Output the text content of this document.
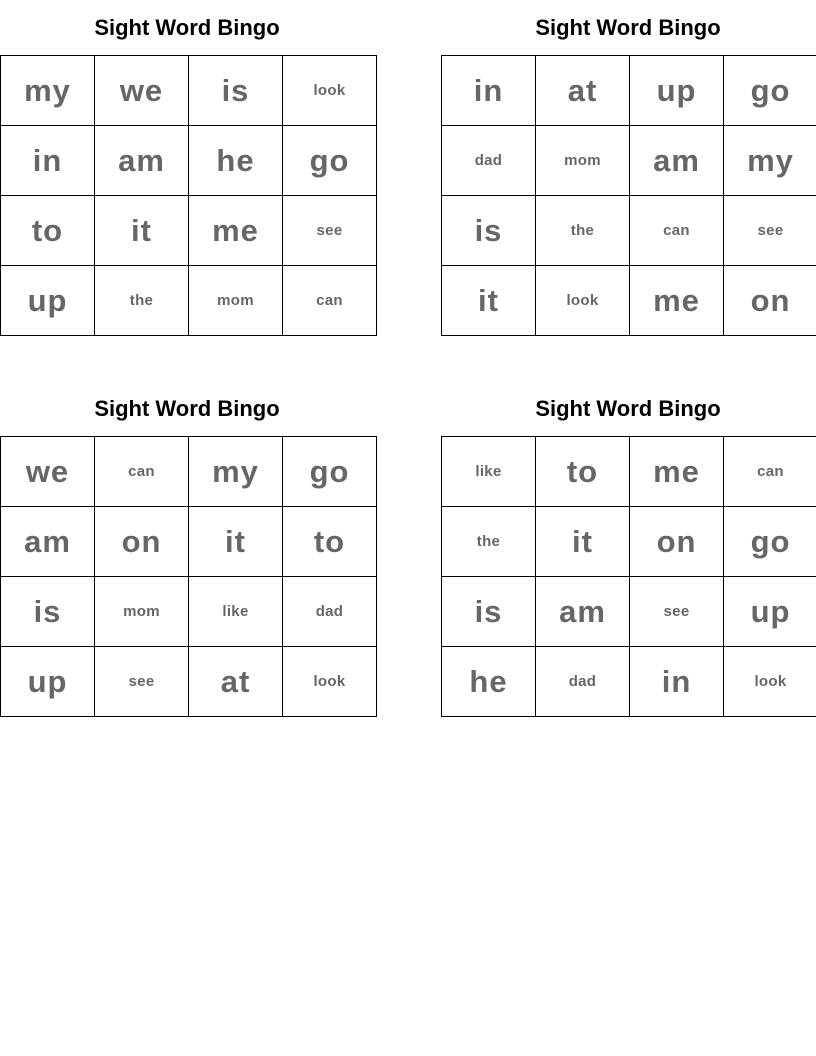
Sight Word Bingo
my	we	is	look
in	am	he	go
to	it	me	see
up	the	mom	can
Sight Word Bingo
in	at	up	go
dad	mom	am	my
is	the	can	see
it	look	me	on
Sight Word Bingo
we	can	my	go
am	on	it	to
is	mom	like	dad
up	see	at	look
Sight Word Bingo
like	to	me	can
the	it	on	go
is	am	see	up
he	dad	in	look
